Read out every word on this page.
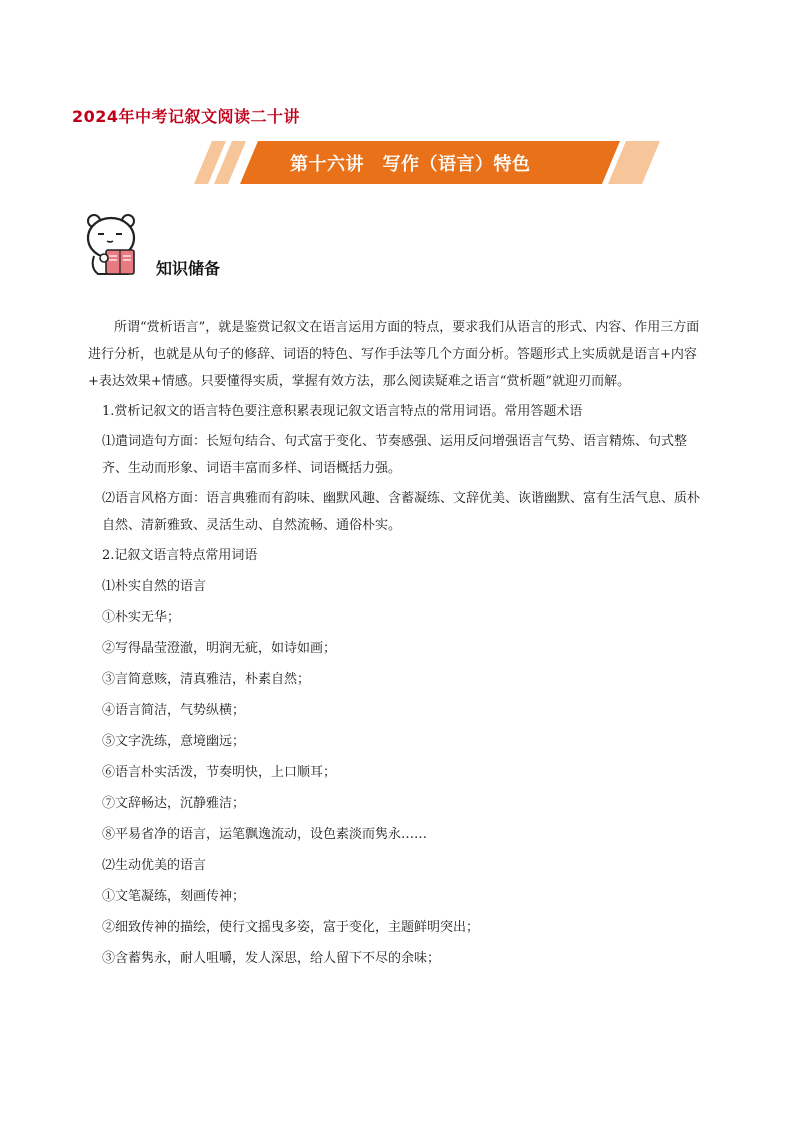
2024年中考记叙文阅读二十讲
第十六讲　写作（语言）特色
知识储备

所谓“赏析语言”，就是鉴赏记叙文在语言运用方面的特点，要求我们从语言的形式、内容、作用三方面进行分析，也就是从句子的修辞、词语的特色、写作手法等几个方面分析。答题形式上实质就是语言+内容+表达效果+情感。只要懂得实质，掌握有效方法，那么阅读疑难之语言“赏析题”就迎刃而解。

1.赏析记叙文的语言特色要注意积累表现记叙文语言特点的常用词语。常用答题术语

⑴遣词造句方面：长短句结合、句式富于变化、节奏感强、运用反问增强语言气势、语言精炼、句式整齐、生动而形象、词语丰富而多样、词语概括力强。

⑵语言风格方面：语言典雅而有韵味、幽默风趣、含蓄凝练、文辞优美、诙谐幽默、富有生活气息、质朴自然、清新雅致、灵活生动、自然流畅、通俗朴实。

2.记叙文语言特点常用词语

⑴朴实自然的语言

①朴实无华；

②写得晶莹澄澈，明润无疵，如诗如画；

③言简意赅，清真雅洁，朴素自然；

④语言简洁，气势纵横；

⑤文字洗练，意境幽远；

⑥语言朴实活泼，节奏明快，上口顺耳；

⑦文辞畅达，沉静雅洁；

⑧平易省净的语言，运笔飘逸流动，设色素淡而隽永……

⑵生动优美的语言

①文笔凝练，刻画传神；

②细致传神的描绘，使行文摇曳多姿，富于变化，主题鲜明突出；

③含蓄隽永，耐人咀嚼，发人深思，给人留下不尽的余味；
